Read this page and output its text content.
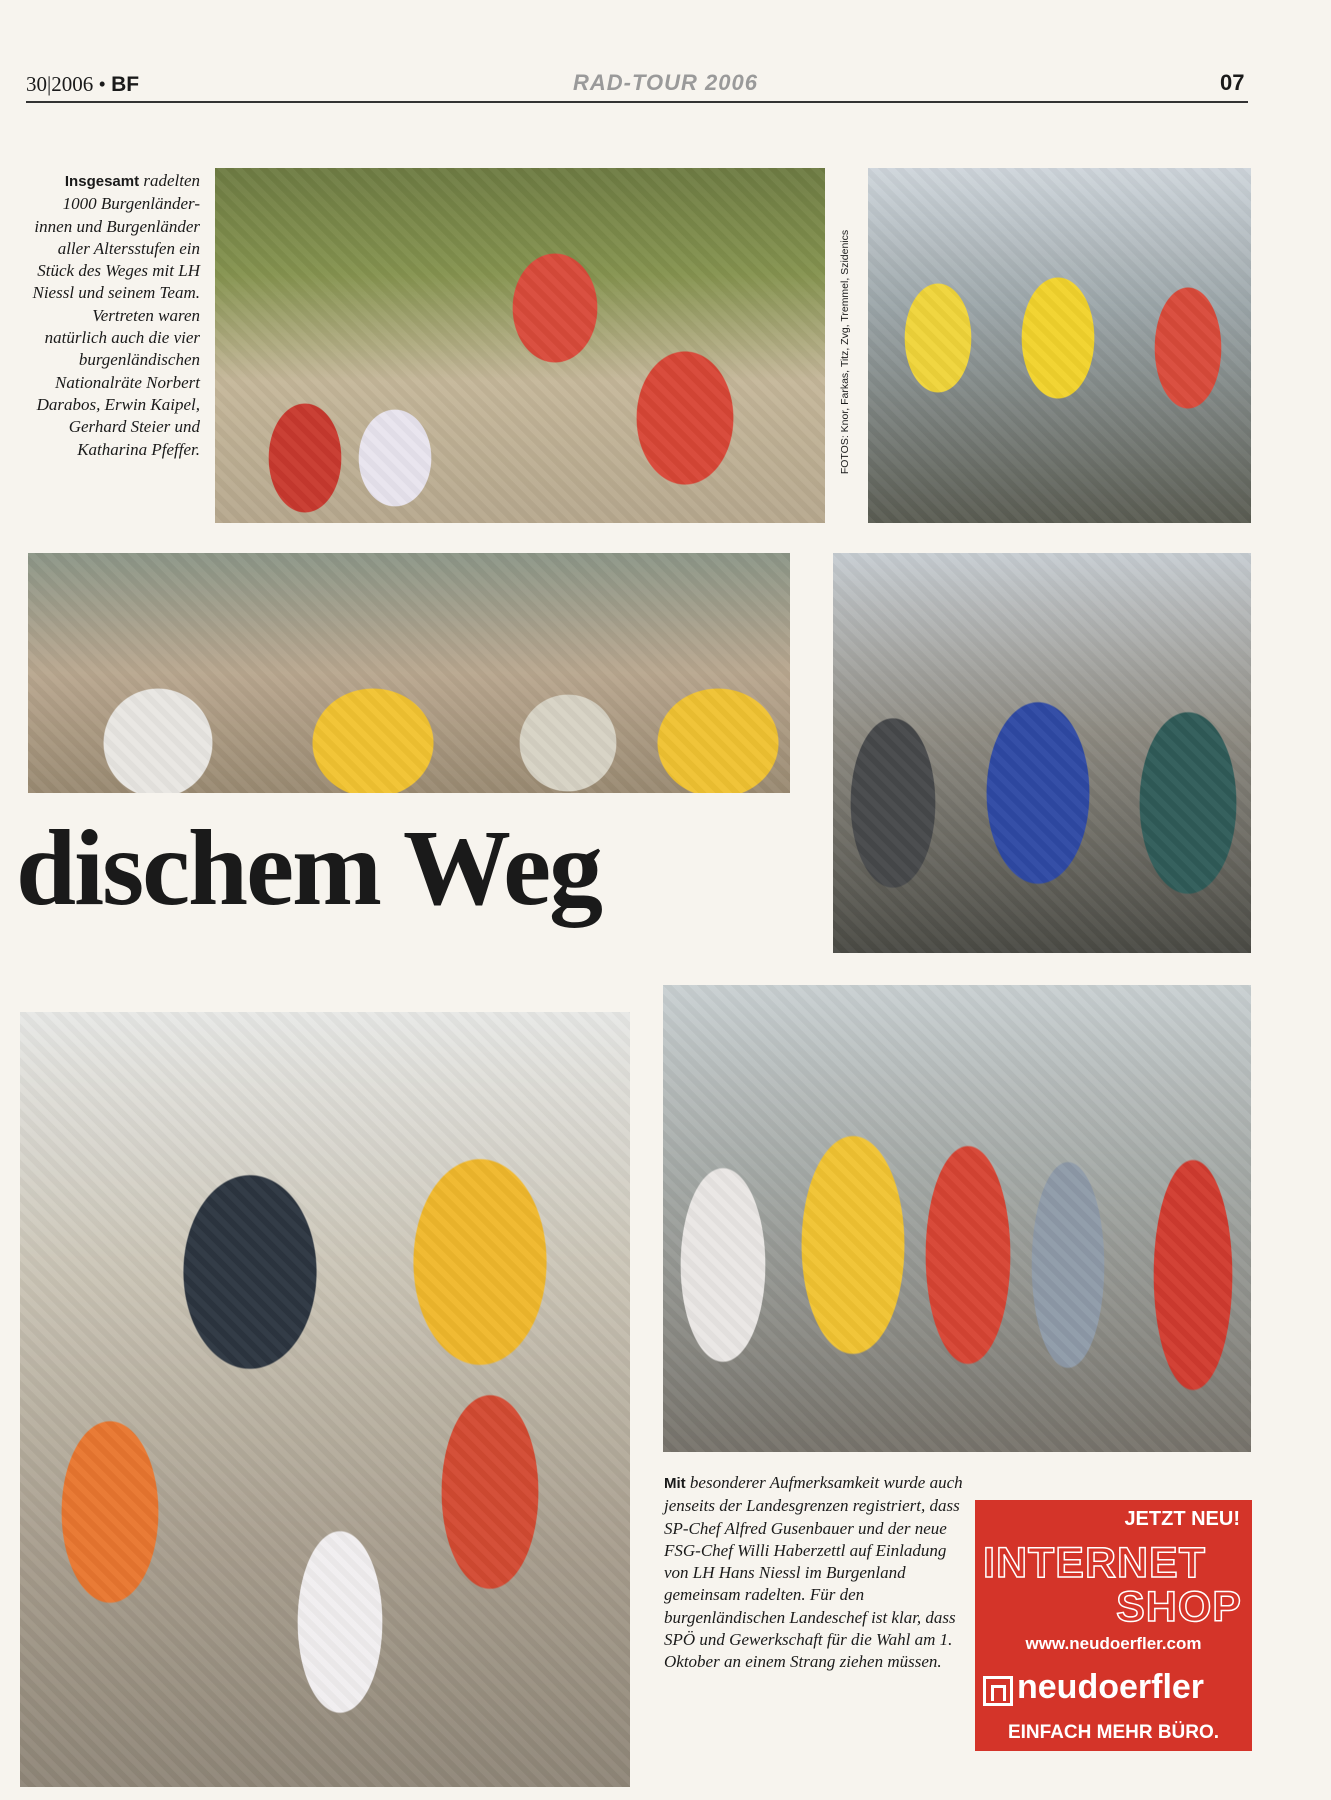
30|2006 • BF	RAD-TOUR 2006	07
Insgesamt radelten 1000 Burgenländer-innen und Burgenländer aller Altersstufen ein Stück des Weges mit LH Niessl und seinem Team. Vertreten waren natürlich auch die vier burgenländischen Nationalräte Norbert Darabos, Erwin Kaipel, Gerhard Steier und Katharina Pfeffer.	FOTOS: Knor, Farkas, Titz, Zvg, Tremmel, Szidenics
dischem Weg
Mit besonderer Aufmerksamkeit wurde auch jenseits der Landesgrenzen registriert, dass SP-Chef Alfred Gusenbauer und der neue FSG-Chef Willi Haberzettl auf Einladung von LH Hans Niessl im Burgenland gemeinsam radelten. Für den burgenländischen Landeschef ist klar, dass SPÖ und Gewerkschaft für die Wahl am 1. Oktober an einem Strang ziehen müssen.
JETZT NEU!
INTERNET
SHOP
www.neudoerfler.com
neudoerfler
EINFACH MEHR BÜRO.
